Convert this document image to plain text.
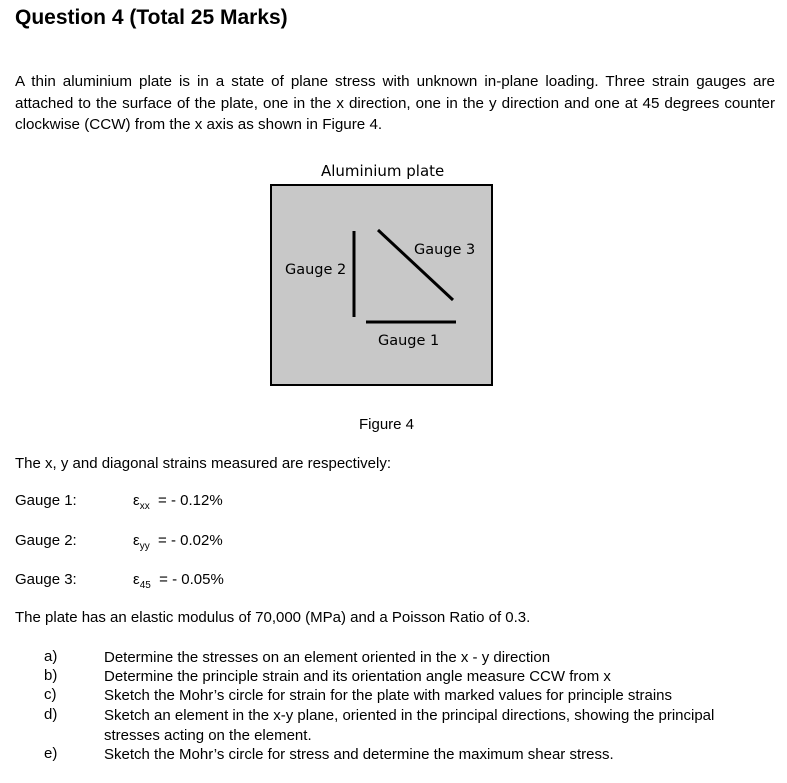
Question 4 (Total 25 Marks)
A thin aluminium plate is in a state of plane stress with unknown in-plane loading. Three strain gauges are attached to the surface of the plate, one in the x direction, one in the y direction and one at 45 degrees counter clockwise (CCW) from the x axis as shown in Figure 4.
Aluminium plate
Gauge 2
Gauge 3
Gauge 1
Figure 4
The x, y and diagonal strains measured are respectively:
Gauge 1:	$\varepsilon_{xx}$ = - 0.12%
Gauge 2:	$\varepsilon_{yy}$ = - 0.02%
Gauge 3:	$\varepsilon_{45}$ = - 0.05%
The plate has an elastic modulus of 70,000 (MPa) and a Poisson Ratio of 0.3.
a)	Determine the stresses on an element oriented in the x - y direction
b)	Determine the principle strain and its orientation angle measure CCW from x
c)	Sketch the Mohr’s circle for strain for the plate with marked values for principle strains
d)	Sketch an element in the x-y plane, oriented in the principal directions, showing the principal stresses acting on the element.
e)	Sketch the Mohr’s circle for stress and determine the maximum shear stress.
